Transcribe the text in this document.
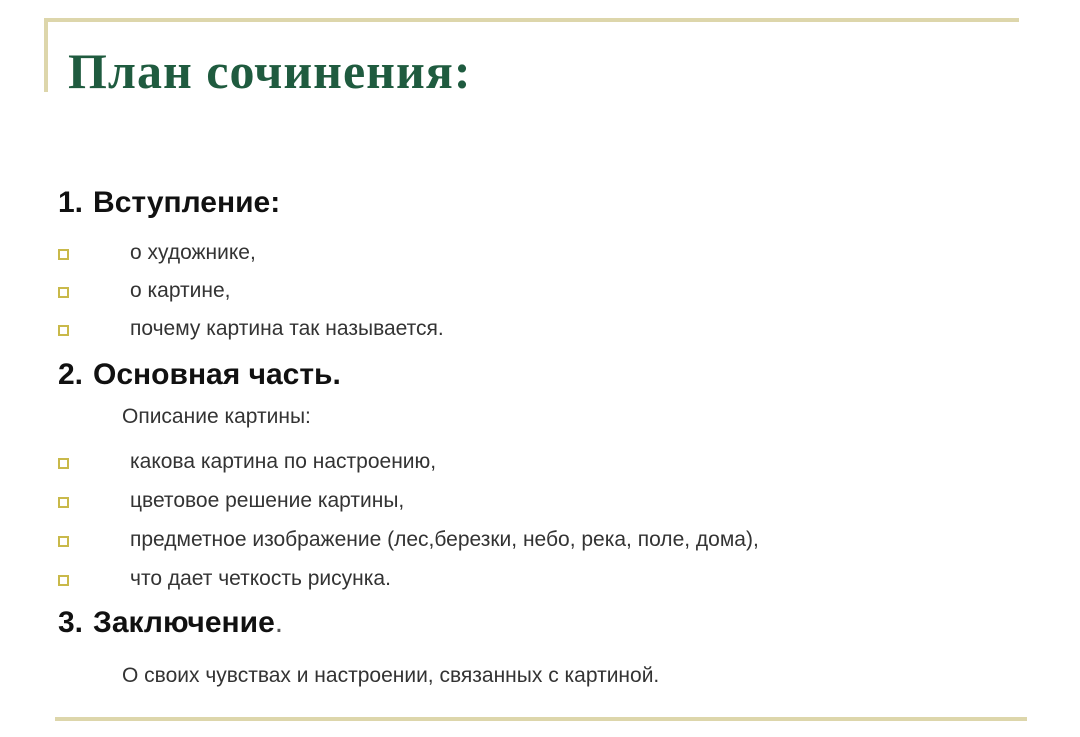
План сочинения:
1. Вступление:
о художнике,
о картине,
почему картина так называется.
2. Основная часть.
Описание картины:
какова картина по настроению,
цветовое решение картины,
предметное изображение (лес,березки, небо, река, поле, дома),
что дает четкость рисунка.
3. Заключение.
О своих чувствах и настроении, связанных с картиной.
